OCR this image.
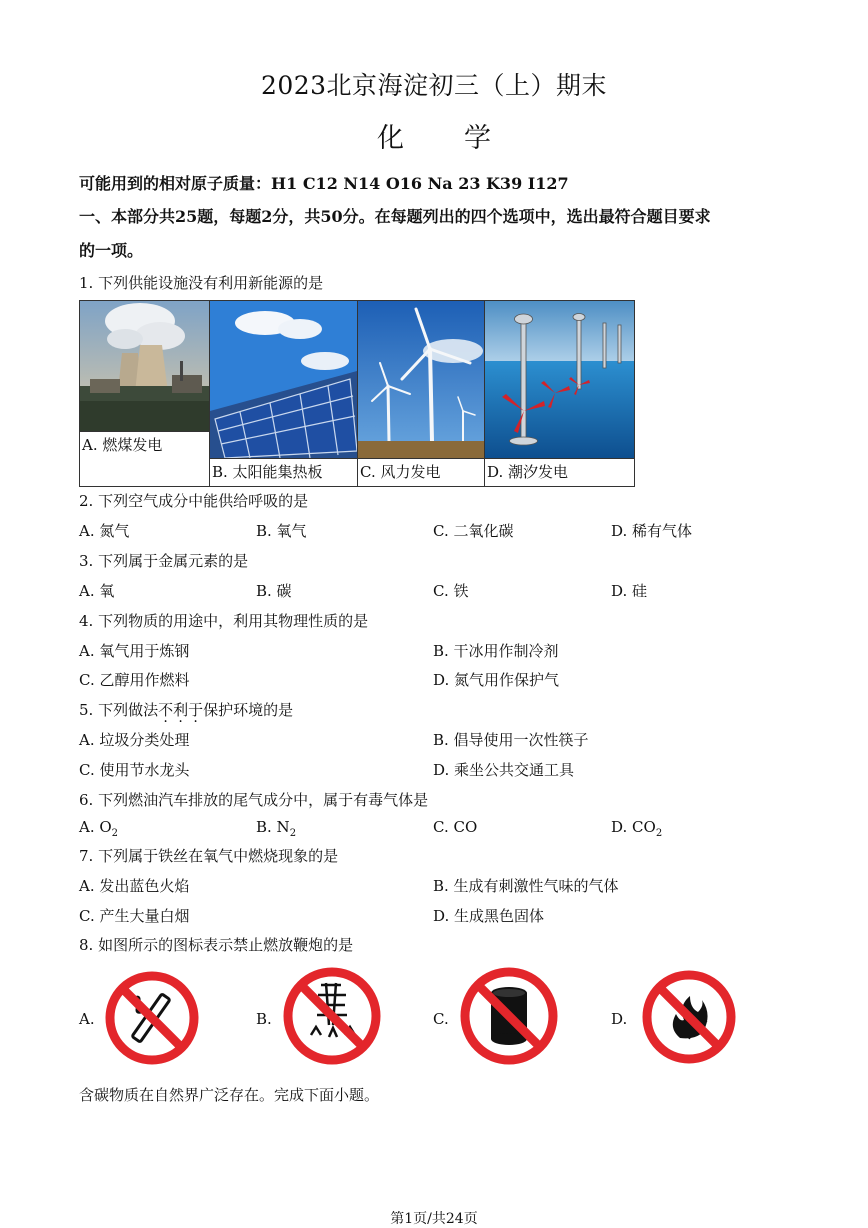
2023北京海淀初三（上）期末
化学
可能用到的相对原子质量：H1 C12 N14 O16 Na 23 K39 I127
一、本部分共25题，每题2分，共50分。在每题列出的四个选项中，选出最符合题目要求
的一项。
1. 下列供能设施没有利用新能源的是
A. 燃煤发电

B. 太阳能集热板	C. 风力发电	D. 潮汐发电
2. 下列空气成分中能供给呼吸的是
A. 氮气	B. 氧气	C. 二氧化碳	D. 稀有气体
3. 下列属于金属元素的是
A. 氧	B. 碳	C. 铁	D. 硅
4. 下列物质的用途中，利用其物理性质的是
A. 氧气用于炼钢	B. 干冰用作制冷剂
C. 乙醇用作燃料	D. 氮气用作保护气
5. 下列做法不利于保护环境的是
A. 垃圾分类处理	B. 倡导使用一次性筷子
C. 使用节水龙头	D. 乘坐公共交通工具
6. 下列燃油汽车排放的尾气成分中，属于有毒气体是
A. $O_2$	B. $N_2$	C. CO	D. $CO_2$
7. 下列属于铁丝在氧气中燃烧现象的是
A. 发出蓝色火焰	B. 生成有刺激性气味的气体
C. 产生大量白烟	D. 生成黑色固体
8. 如图所示的图标表示禁止燃放鞭炮的是
A.	B.	C.	D.
含碳物质在自然界广泛存在。完成下面小题。
第1页/共24页
